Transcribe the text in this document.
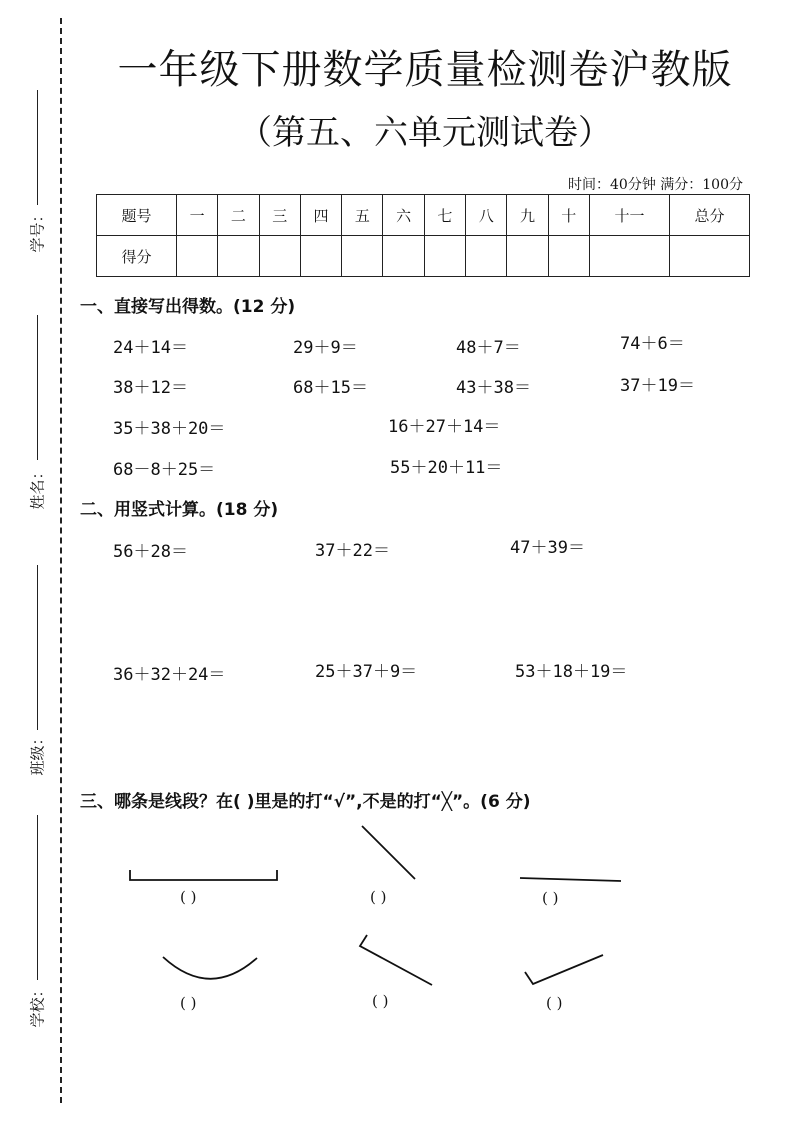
学号：
姓名：
班级：
学校：
一年级下册数学质量检测卷沪教版
（第五、六单元测试卷）
时间：40分钟 满分：100分
题号	一	二	三	四	五	六	七	八	九	十	十一	总分
得分												
一、直接写出得数。(12 分)
24＋14＝	29＋9＝	48＋7＝	74＋6＝
38＋12＝	68＋15＝	43＋38＝	37＋19＝
35＋38＋20＝	16＋27＋14＝
68－8＋25＝	55＋20＋11＝
二、用竖式计算。(18 分)
56＋28＝	37＋22＝	47＋39＝
36＋32＋24＝	25＋37＋9＝	53＋18＋19＝
三、哪条是线段？在( )里是的打“√”,不是的打“╳”。(6 分)
( )	( )	( )
( )	( )	( )
